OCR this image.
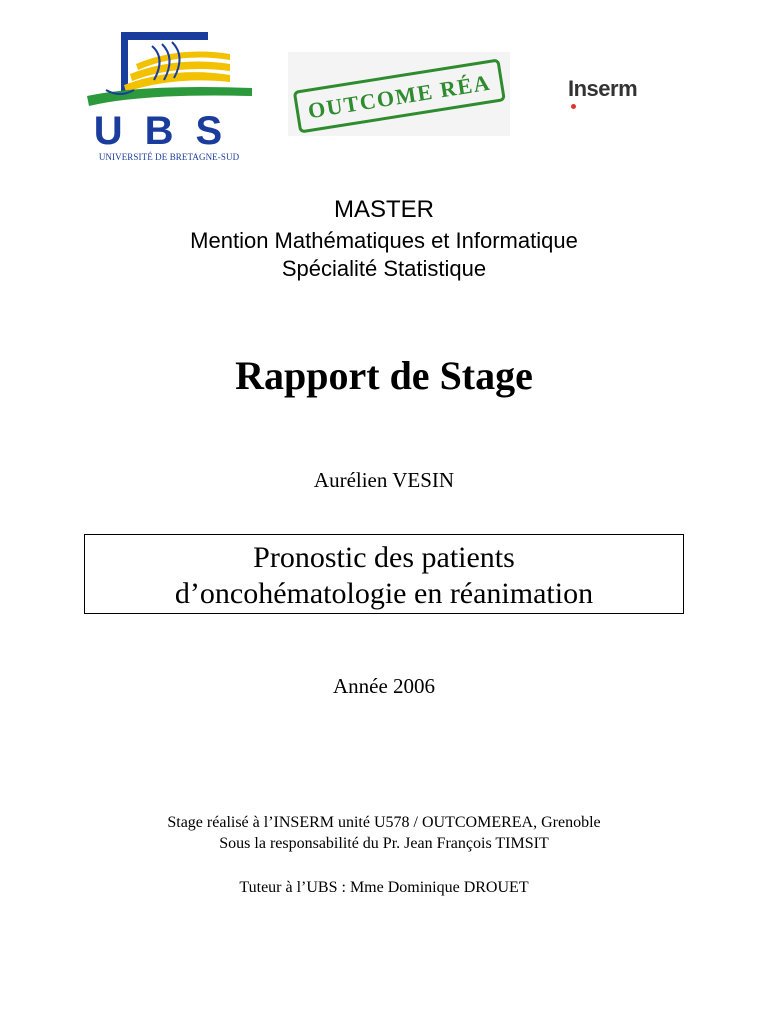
UBS
UNIVERSITÉ DE BRETAGNE-SUD
OUTCOME RÉA	Inserm
MASTER
Mention Mathématiques et Informatique
Spécialité Statistique
Rapport de Stage
Aurélien VESIN
Pronostic des patients
d’oncohématologie en réanimation
Année 2006
Stage réalisé à l’INSERM unité U578 / OUTCOMEREA, Grenoble
Sous la responsabilité du Pr. Jean François TIMSIT
Tuteur à l’UBS : Mme Dominique DROUET
